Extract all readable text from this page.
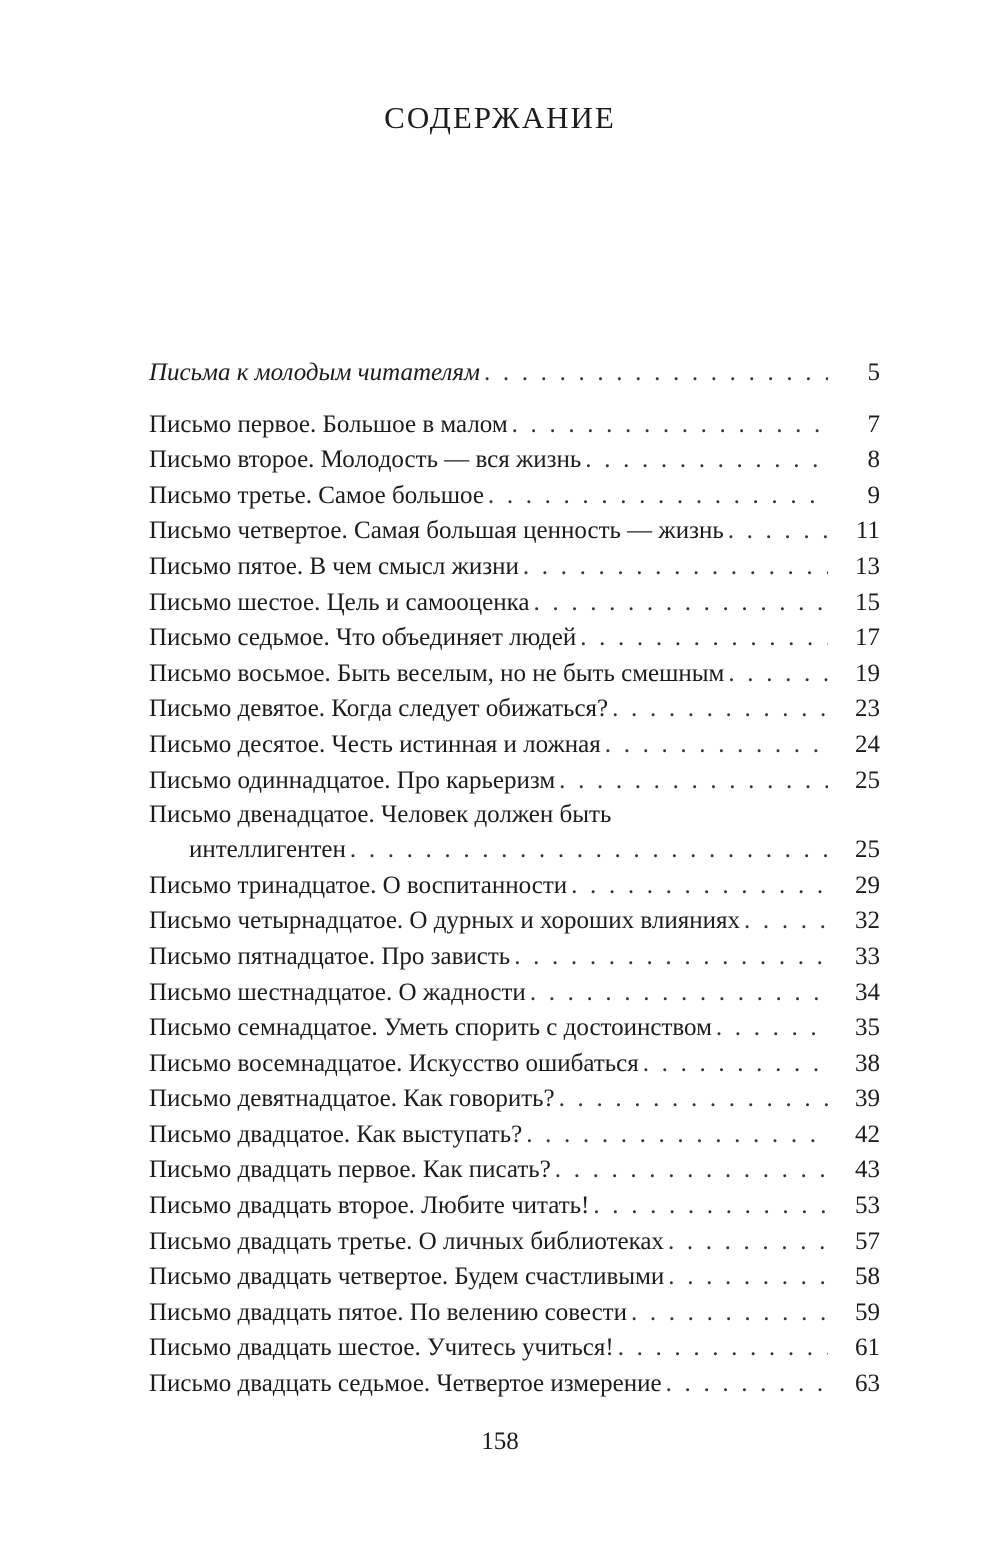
СОДЕРЖАНИЕ
Письма к молодым читателям . . .	5
Письмо первое. Большое в малом . . .	7
Письмо второе. Молодость — вся жизнь . . .	8
Письмо третье. Самое большое . . .	9
Письмо четвертое. Самая большая ценность — жизнь . . .	11
Письмо пятое. В чем смысл жизни . . .	13
Письмо шестое. Цель и самооценка . . .	15
Письмо седьмое. Что объединяет людей . . .	17
Письмо восьмое. Быть веселым, но не быть смешным . . .	19
Письмо девятое. Когда следует обижаться? . . .	23
Письмо десятое. Честь истинная и ложная . . .	24
Письмо одиннадцатое. Про карьеризм . . .	25
Письмо двенадцатое. Человек должен быть
интеллигентен . . .	25
Письмо тринадцатое. О воспитанности . . .	29
Письмо четырнадцатое. О дурных и хороших влияниях . . .	32
Письмо пятнадцатое. Про зависть . . .	33
Письмо шестнадцатое. О жадности . . .	34
Письмо семнадцатое. Уметь спорить с достоинством . . .	35
Письмо восемнадцатое. Искусство ошибаться . . .	38
Письмо девятнадцатое. Как говорить? . . .	39
Письмо двадцатое. Как выступать? . . .	42
Письмо двадцать первое. Как писать? . . .	43
Письмо двадцать второе. Любите читать! . . .	53
Письмо двадцать третье. О личных библиотеках . . .	57
Письмо двадцать четвертое. Будем счастливыми . . .	58
Письмо двадцать пятое. По велению совести . . .	59
Письмо двадцать шестое. Учитесь учиться! . . .	61
Письмо двадцать седьмое. Четвертое измерение . . .	63
158
